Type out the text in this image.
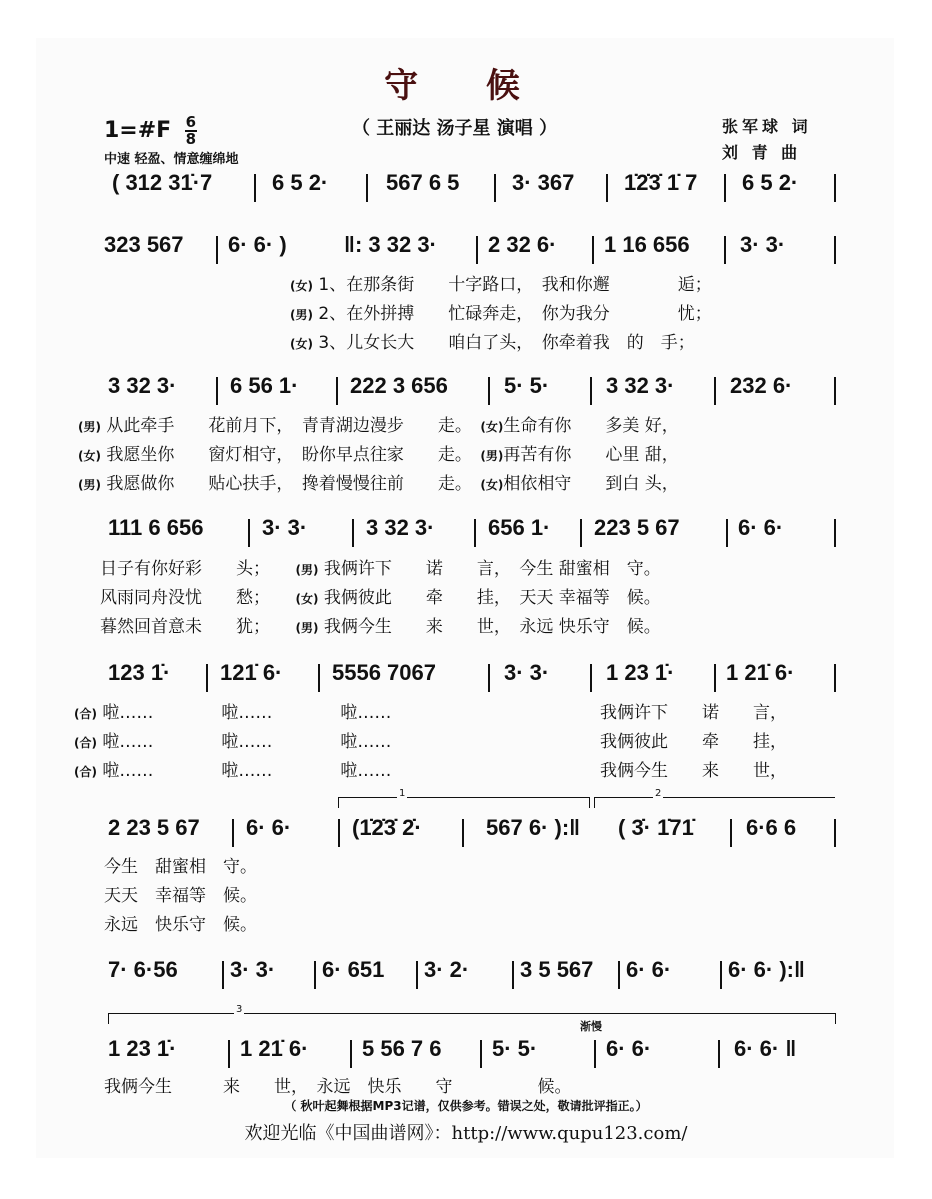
守 候
1=#F $\frac{6}{8}$
中速 轻盈、情意缠绵地
（ 王丽达 汤子星 演唱 ）	张军球 词
刘 青 曲
( 312 31̇·7	6 5 2·	567 6 5 3· 367 1̇2̇3̇ 1̇ 7 6 5 2·
323 567 6· 6· )	‖: 3 32 3· 2 32 6· 1 16 656 3· 3·
(女) 1、在那条街　　十字路口，　我和你邂　　　　逅；
(男) 2、在外拼搏　　忙碌奔走，　你为我分　　　　忧；
(女) 3、儿女长大　　咱白了头，　你牵着我　的　手；
3 32 3· 6 56 1· 222 3 656	5· 5·	3 32 3·	232 6·
(男) 从此牵手　　花前月下，　青青湖边漫步　　走。　 (女)生命有你　　多美 好，
(女) 我愿坐你　　窗灯相守，　盼你早点往家　　走。　 (男)再苦有你　　心里 甜，
(男) 我愿做你　　贴心扶手，　搀着慢慢往前　　走。　 (女)相依相守　　到白 头，
111 6 656	3· 3·	3 32 3· 656 1· 223 5 67	6· 6·
日子有你好彩　　头；　　	(男) 我俩许下　　诺　　言，　今生 甜蜜相　守。
风雨同舟没忧　　愁；　　	(女) 我俩彼此　　牵　　挂，　天天 幸福等　候。
暮然回首意未　　犹；　　	(男) 我俩今生　　来　　世，　永远 快乐守　候。
123 1̇· 121̇ 6· 5556 7067	3· 3·	1 23 1̇· 1 21̇ 6·
(合) 啦……　　　　啦……　　　　啦……	我俩许下　　诺　　言，
(合) 啦……　　　　啦……　　　　啦……	我俩彼此　　牵　　挂，
(合) 啦……　　　　啦……　　　　啦……	我俩今生　　来　　世，
1	2
2 23 5 67 6· 6·	(1̇2̇3̇ 2̇·	567 6· ):‖ ( 3̇· 1̇71̇ 6·6 6
今生　甜蜜相　守。
天天　幸福等　候。
永远　快乐守　候。
7· 6·56 3· 3· 6· 651 3· 2· 3 5 567 6· 6·	6· 6· ):‖
3
渐慢
1 23 1̇·	1 21̇ 6· 5 56 7 6 5· 5·	6· 6·	6· 6· ‖
我俩今生　　　来　　世，　永远　快乐　　守　　　　　候。
（ 秋叶起舞根据MP3记谱，仅供参考。错误之处，敬请批评指正。）
欢迎光临《中国曲谱网》：http://www.qupu123.com/
